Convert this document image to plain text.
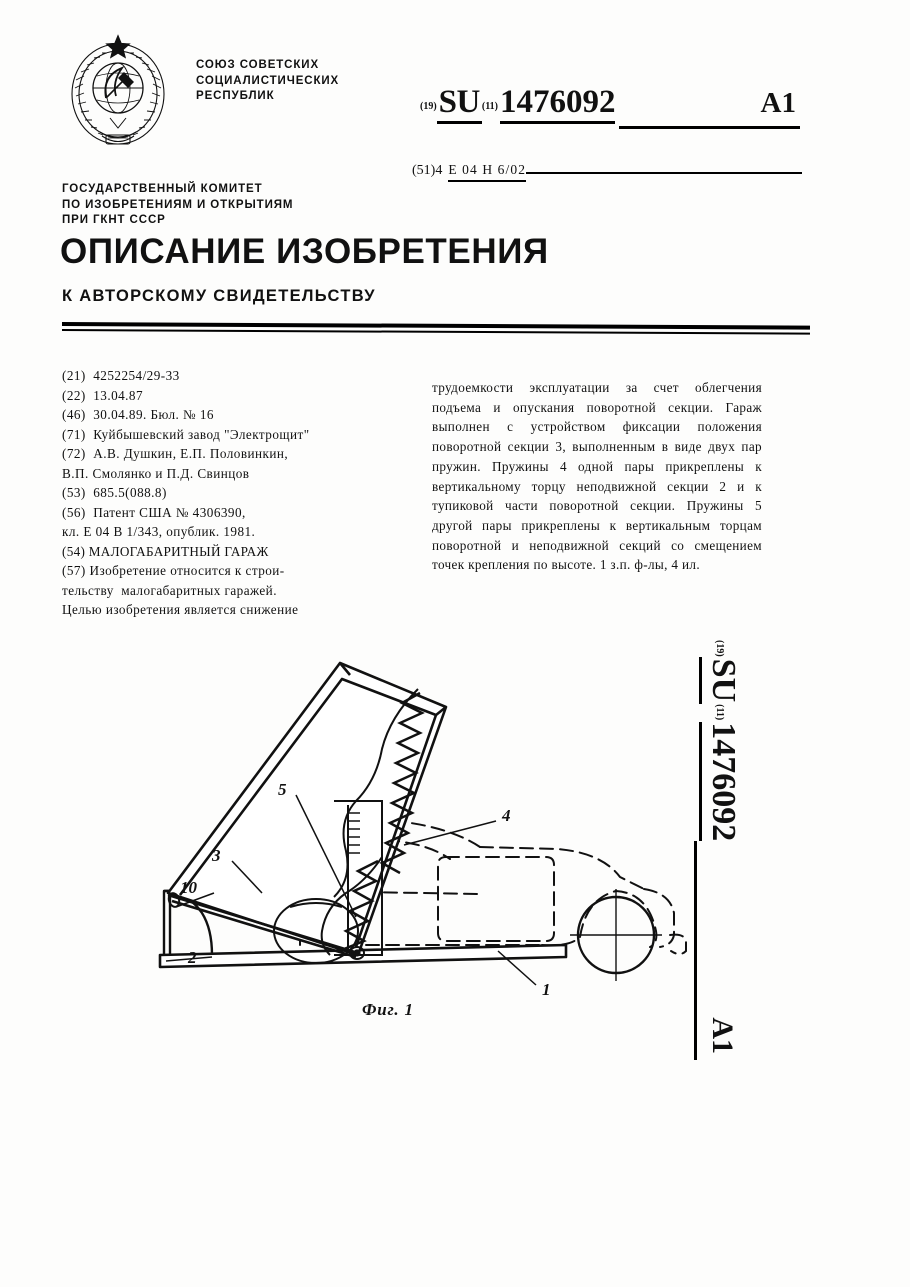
СОЮЗ СОВЕТСКИХ
СОЦИАЛИСТИЧЕСКИХ
РЕСПУБЛИК
(19) SU (11) 1476092	A1
(51)4 E 04 H 6/02
ГОСУДАРСТВЕННЫЙ КОМИТЕТ
ПО ИЗОБРЕТЕНИЯМ И ОТКРЫТИЯМ
ПРИ ГКНТ СССР
ОПИСАНИЕ ИЗОБРЕТЕНИЯ
К АВТОРСКОМУ СВИДЕТЕЛЬСТВУ
(21)  4252254/29-33
(22)  13.04.87
(46)  30.04.89. Бюл. № 16
(71)  Куйбышевский завод "Электрощит"
(72)  А.В. Душкин, Е.П. Половинкин,
В.П. Смолянко и П.Д. Свинцов
(53)  685.5(088.8)
(56)  Патент США № 4306390,
кл. Е 04 В 1/343, опублик. 1981.
(54) МАЛОГАБАРИТНЫЙ ГАРАЖ
(57) Изобретение относится к строи-
тельству  малогабаритных гаражей.
Целью изобретения является снижение
трудоемкости эксплуатации за счет облегчения подъема и опускания поворотной секции. Гараж выполнен с устройством фиксации положения поворотной секции 3, выполненным в виде двух пар пружин. Пружины 4 одной пары прикреплены к вертикальному торцу неподвижной секции 2 и к тупиковой части поворотной секции. Пружины 5 другой пары прикреплены к вертикальным торцам поворотной и неподвижной секций со смещением точек крепления по высоте. 1 з.п. ф-лы, 4 ил.
(19)
SU
(11)
1476092
A1
5
4
3
10
2
1
Фиг. 1
